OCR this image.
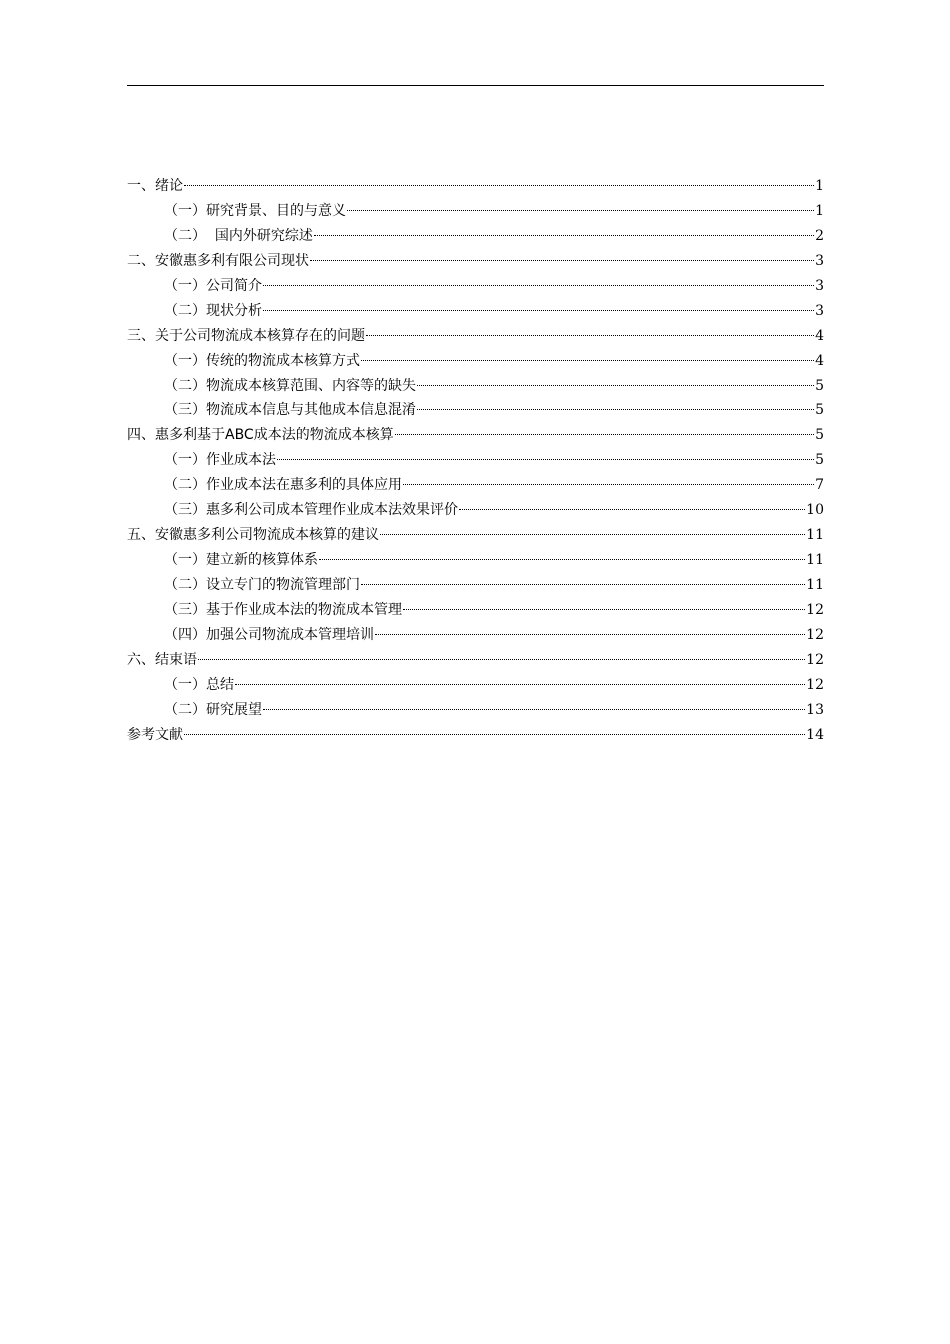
一、绪论	1
（一）研究背景、目的与意义	1
（二）  国内外研究综述	2
二、安徽惠多利有限公司现状	3
（一）公司简介	3
（二）现状分析	3
三、关于公司物流成本核算存在的问题	4
（一）传统的物流成本核算方式	4
（二）物流成本核算范围、内容等的缺失	5
（三）物流成本信息与其他成本信息混淆	5
四、惠多利基于ABC成本法的物流成本核算	5
（一）作业成本法	5
（二）作业成本法在惠多利的具体应用	7
（三）惠多利公司成本管理作业成本法效果评价	10
五、安徽惠多利公司物流成本核算的建议	11
（一）建立新的核算体系	11
（二）设立专门的物流管理部门	11
（三）基于作业成本法的物流成本管理	12
（四）加强公司物流成本管理培训	12
六、结束语	12
（一）总结	12
（二）研究展望	13
参考文献	14
